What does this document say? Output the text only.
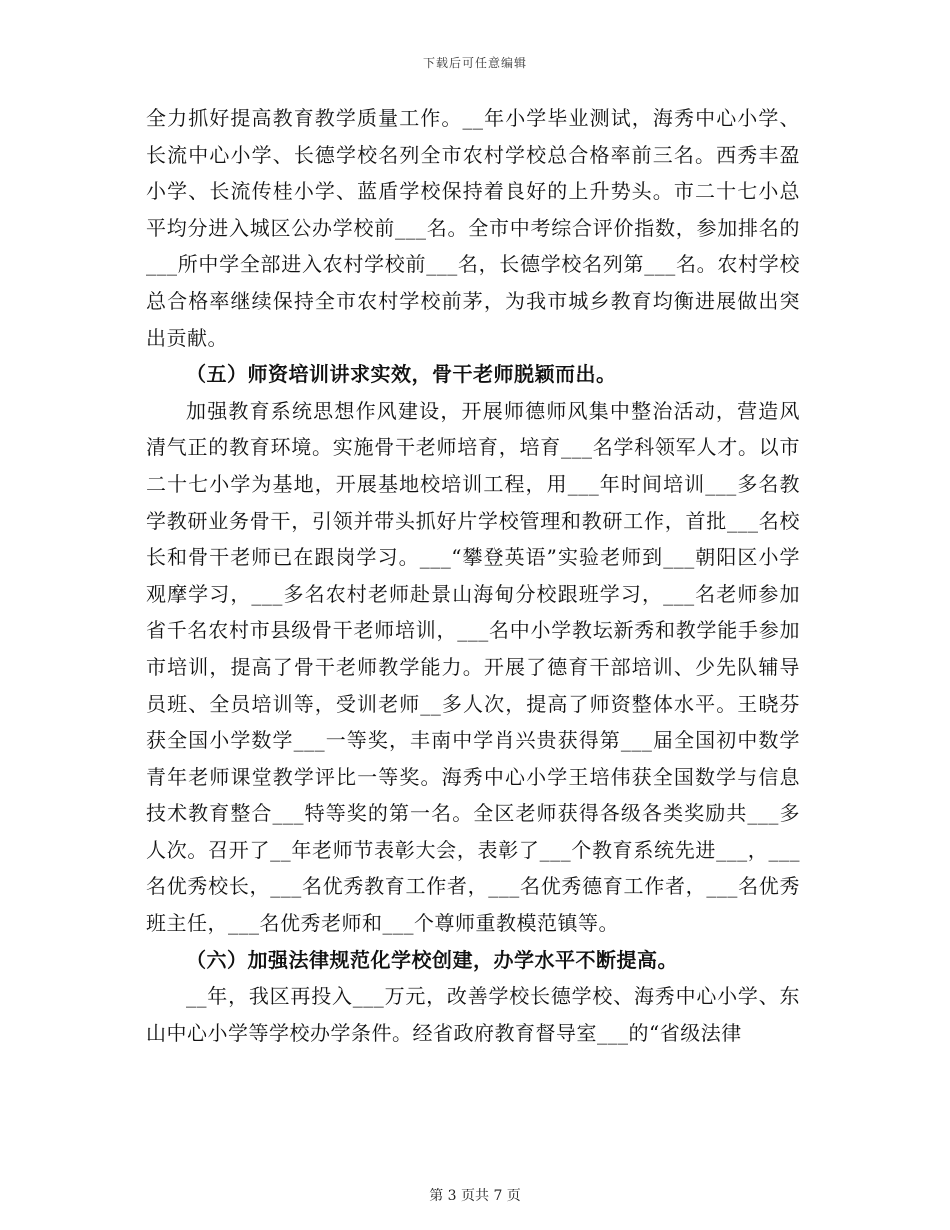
下载后可任意编辑

全力抓好提高教育教学质量工作。__年小学毕业测试，海秀中心小学、长流中心小学、长德学校名列全市农村学校总合格率前三名。西秀丰盈小学、长流传桂小学、蓝盾学校保持着良好的上升势头。市二十七小总平均分进入城区公办学校前___名。全市中考综合评价指数，参加排名的___所中学全部进入农村学校前___名，长德学校名列第___名。农村学校总合格率继续保持全市农村学校前茅，为我市城乡教育均衡进展做出突出贡献。

（五）师资培训讲求实效，骨干老师脱颖而出。

加强教育系统思想作风建设，开展师德师风集中整治活动，营造风清气正的教育环境。实施骨干老师培育，培育___名学科领军人才。以市二十七小学为基地，开展基地校培训工程，用___年时间培训___多名教学教研业务骨干，引领并带头抓好片学校管理和教研工作，首批___名校长和骨干老师已在跟岗学习。___“攀登英语”实验老师到___朝阳区小学观摩学习，___多名农村老师赴景山海甸分校跟班学习，___名老师参加省千名农村市县级骨干老师培训，___名中小学教坛新秀和教学能手参加市培训，提高了骨干老师教学能力。开展了德育干部培训、少先队辅导员班、全员培训等，受训老师__多人次，提高了师资整体水平。王晓芬获全国小学数学___一等奖，丰南中学肖兴贵获得第___届全国初中数学青年老师课堂教学评比一等奖。海秀中心小学王培伟获全国数学与信息技术教育整合___特等奖的第一名。全区老师获得各级各类奖励共___多人次。召开了__年老师节表彰大会，表彰了___个教育系统先进___，___名优秀校长，___名优秀教育工作者，___名优秀德育工作者，___名优秀班主任，___名优秀老师和___个尊师重教模范镇等。

（六）加强法律规范化学校创建，办学水平不断提高。

__年，我区再投入___万元，改善学校长德学校、海秀中心小学、东山中心小学等学校办学条件。经省政府教育督导室___的“省级法律

第 3 页共 7 页
